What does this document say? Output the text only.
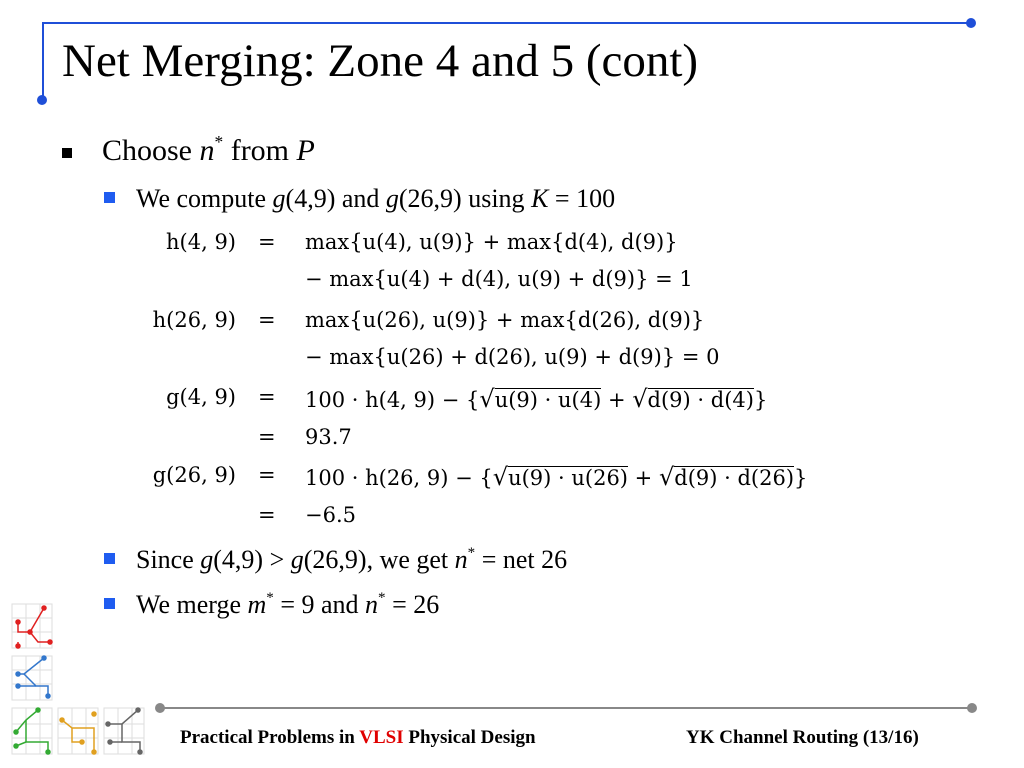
Net Merging: Zone 4 and 5 (cont)
Choose n* from P
We compute g(4,9) and g(26,9) using K = 100
h(4, 9) = max{u(4), u(9)} + max{d(4), d(9)}
− max{u(4) + d(4), u(9) + d(9)} = 1
h(26, 9) = max{u(26), u(9)} + max{d(26), d(9)}
− max{u(26) + d(26), u(9) + d(9)} = 0
g(4, 9) = 100 · h(4, 9) − {√u(9) · u(4) + √d(9) · d(4)}
= 93.7
g(26, 9) = 100 · h(26, 9) − {√u(9) · u(26) + √d(9) · d(26)}
= −6.5
Since g(4,9) > g(26,9), we get n* = net 26
We merge m* = 9 and n* = 26
Practical Problems in VLSI Physical Design	YK Channel Routing (13/16)
